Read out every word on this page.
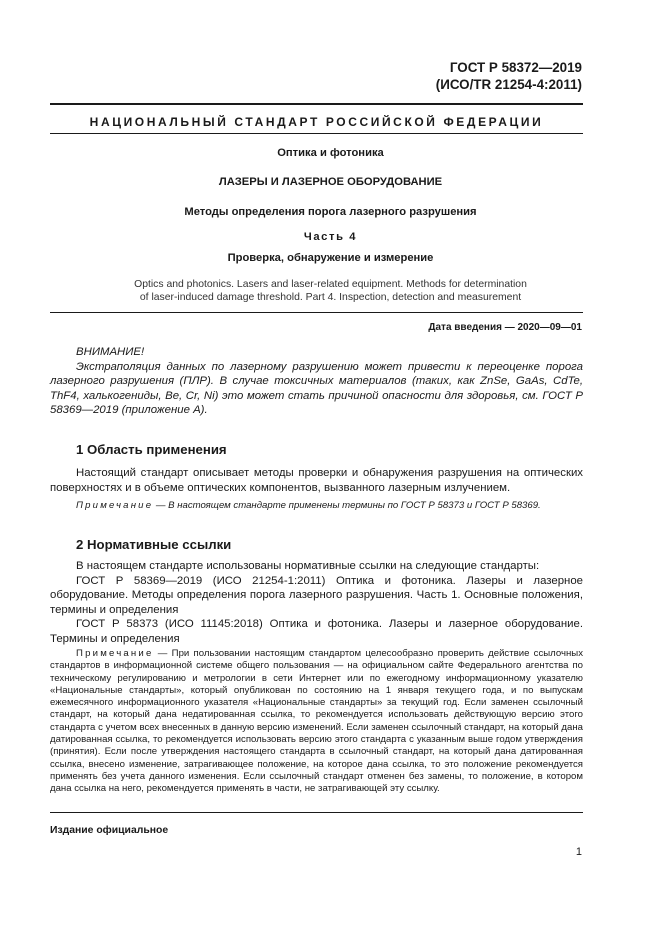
ГОСТ Р 58372—2019
(ИСО/TR 21254-4:2011)
НАЦИОНАЛЬНЫЙ СТАНДАРТ РОССИЙСКОЙ ФЕДЕРАЦИИ
Оптика и фотоника
ЛАЗЕРЫ И ЛАЗЕРНОЕ ОБОРУДОВАНИЕ
Методы определения порога лазерного разрушения
Часть 4
Проверка, обнаружение и измерение
Optics and photonics. Lasers and laser-related equipment. Methods for determination
of laser-induced damage threshold. Part 4. Inspection, detection and measurement
Дата введения — 2020—09—01

ВНИМАНИЕ!

Экстраполяция данных по лазерному разрушению может привести к переоценке порога лазерного разрушения (ПЛР). В случае токсичных материалов (таких, как ZnSe, GaAs, CdTe, ThF4, халькогениды, Be, Cr, Ni) это может стать причиной опасности для здоровья, см. ГОСТ Р 58369—2019 (приложение А).

1 Область применения

Настоящий стандарт описывает методы проверки и обнаружения разрушения на оптических поверхностях и в объеме оптических компонентов, вызванного лазерным излучением.

Примечание — В настоящем стандарте применены термины по ГОСТ Р 58373 и ГОСТ Р 58369.

2 Нормативные ссылки

В настоящем стандарте использованы нормативные ссылки на следующие стандарты:

ГОСТ Р 58369—2019 (ИСО 21254-1:2011) Оптика и фотоника. Лазеры и лазерное оборудование. Методы определения порога лазерного разрушения. Часть 1. Основные положения, термины и определения

ГОСТ Р 58373 (ИСО 11145:2018) Оптика и фотоника. Лазеры и лазерное оборудование. Термины и определения

Примечание — При пользовании настоящим стандартом целесообразно проверить действие ссылочных стандартов в информационной системе общего пользования — на официальном сайте Федерального агентства по техническому регулированию и метрологии в сети Интернет или по ежегодному информационному указателю «Национальные стандарты», который опубликован по состоянию на 1 января текущего года, и по выпускам ежемесячного информационного указателя «Национальные стандарты» за текущий год. Если заменен ссылочный стандарт, на который дана недатированная ссылка, то рекомендуется использовать действующую версию этого стандарта с учетом всех внесенных в данную версию изменений. Если заменен ссылочный стандарт, на который дана датированная ссылка, то рекомендуется использовать версию этого стандарта с указанным выше годом утверждения (принятия). Если после утверждения настоящего стандарта в ссылочный стандарт, на который дана датированная ссылка, внесено изменение, затрагивающее положение, на которое дана ссылка, то это положение рекомендуется применять без учета данного изменения. Если ссылочный стандарт отменен без замены, то положение, в котором дана ссылка на него, рекомендуется применять в части, не затрагивающей эту ссылку.

Издание официальное
1
